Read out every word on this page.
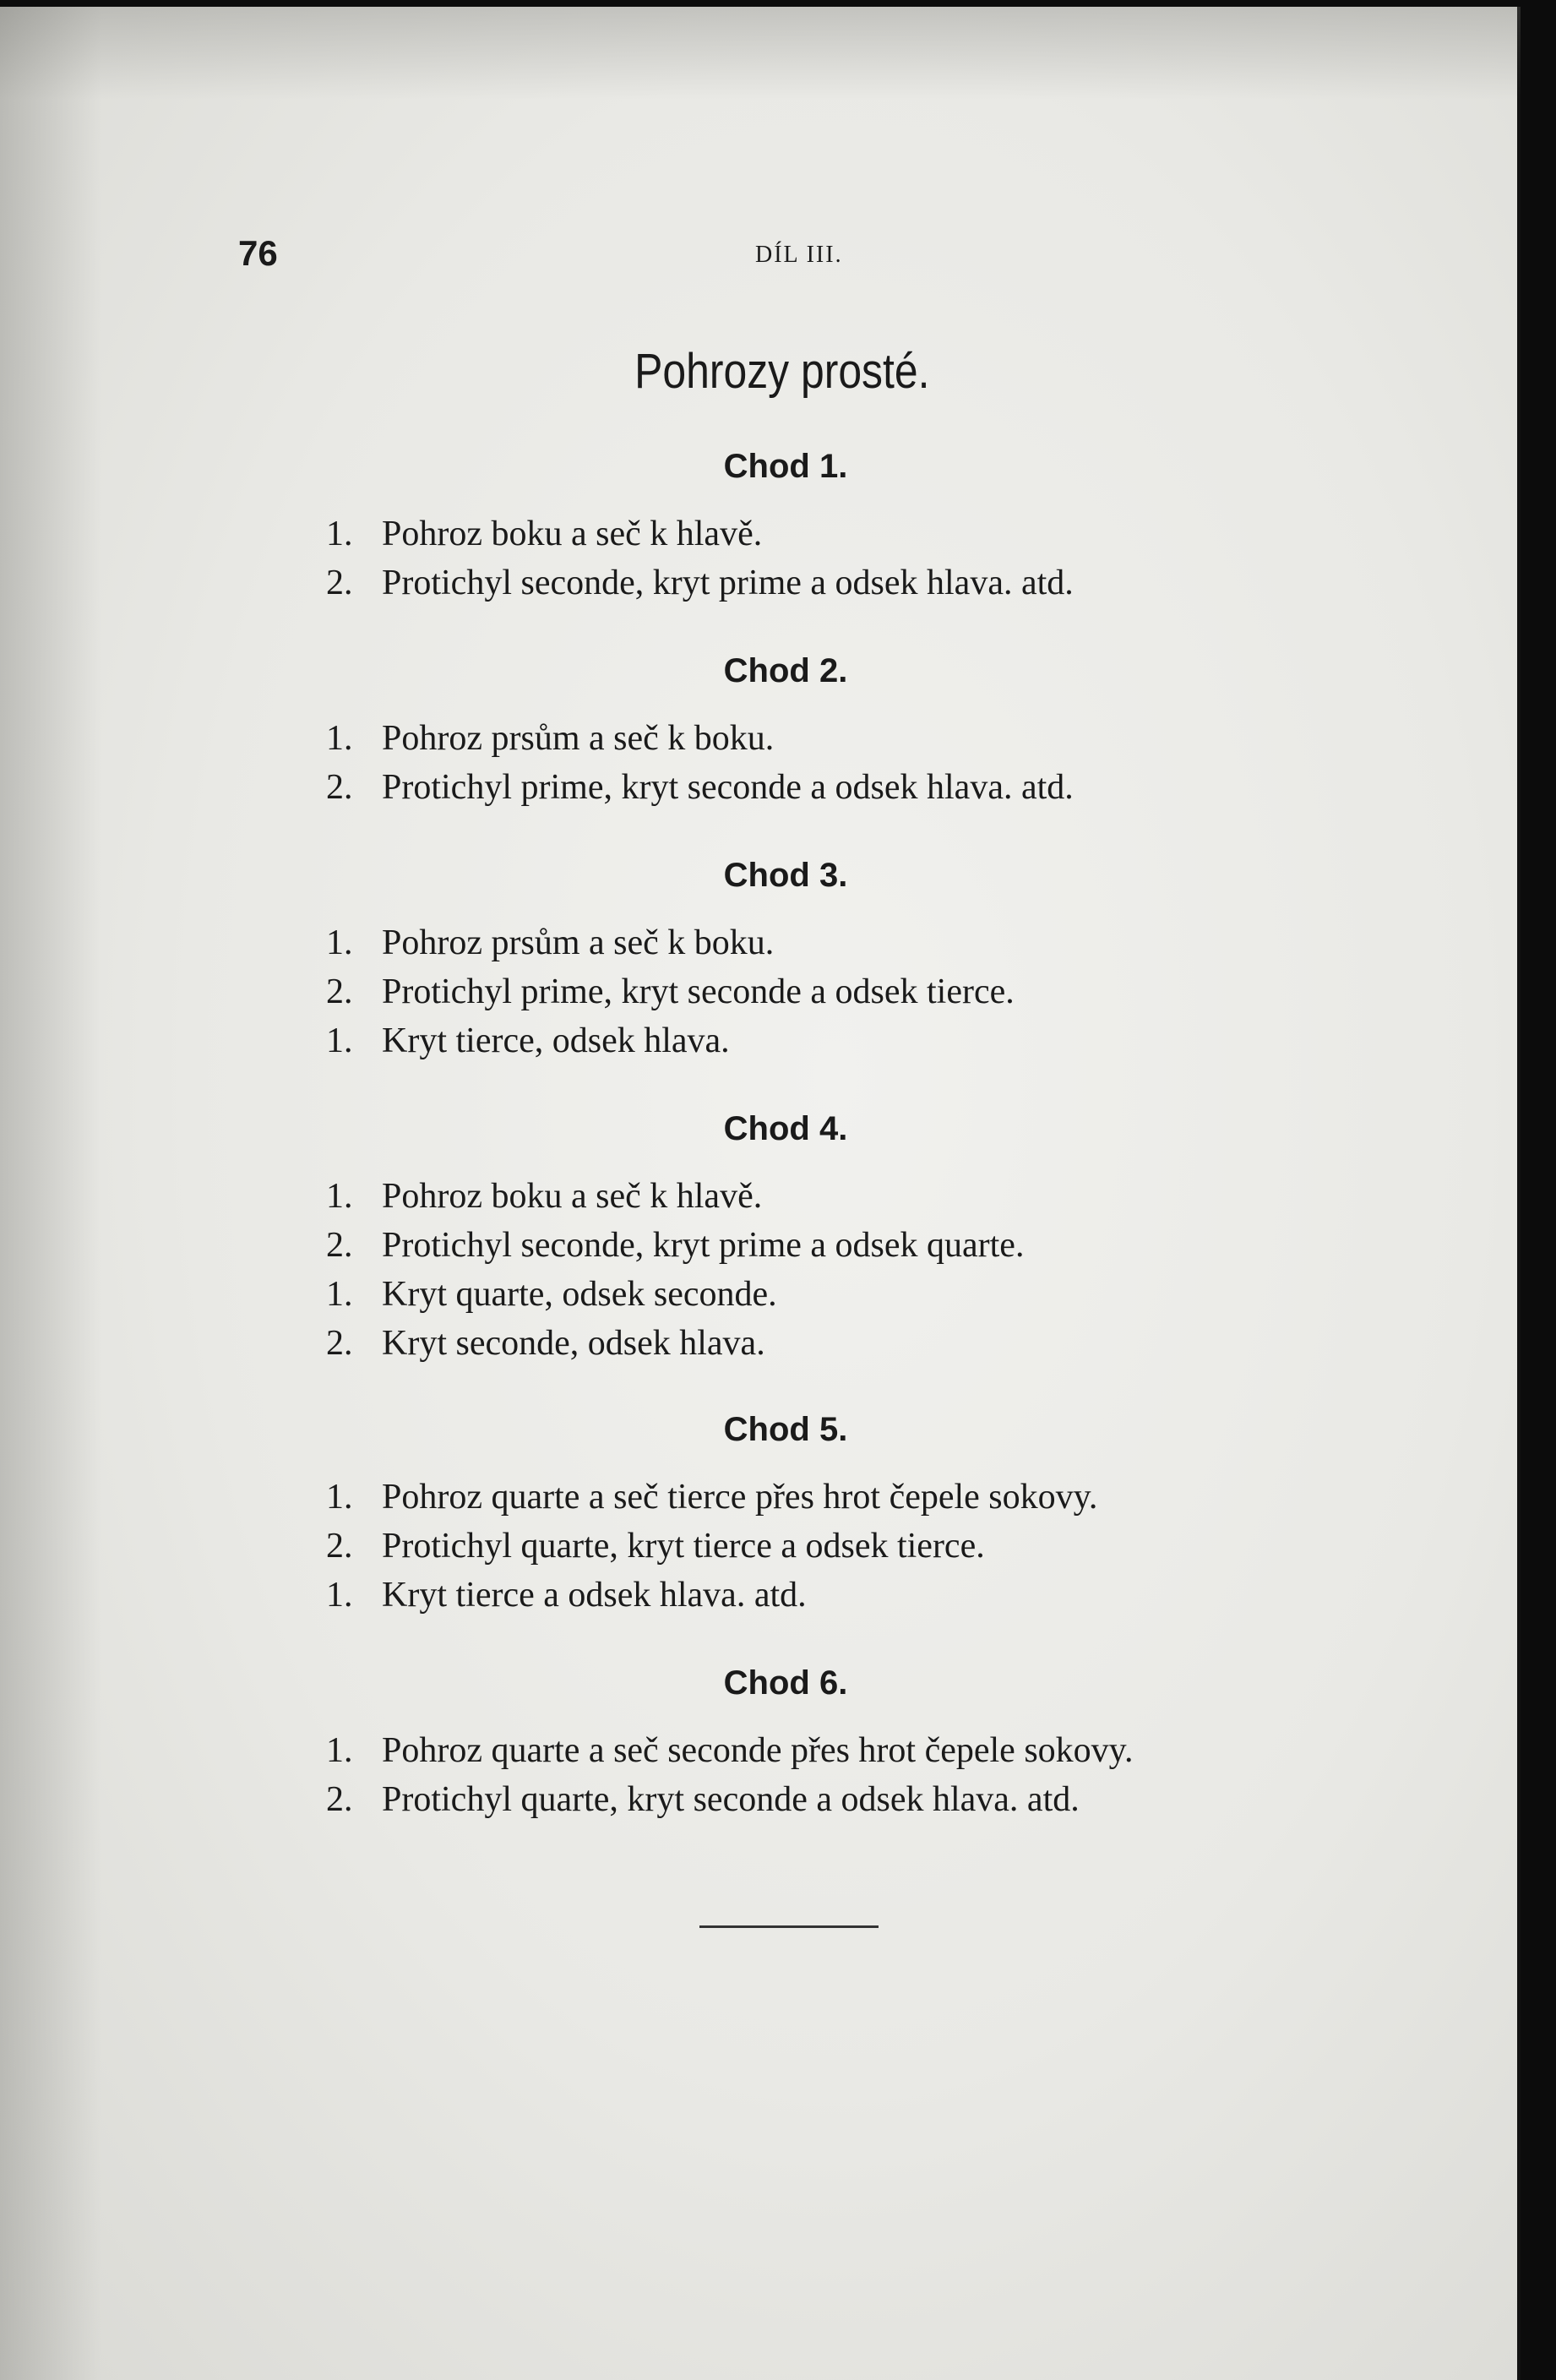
76	DÍL III.
Pohrozy prosté.
Chod 1.
1. Pohroz boku a seč k hlavě.
2. Protichyl seconde, kryt prime a odsek hlava. atd.
Chod 2.
1. Pohroz prsům a seč k boku.
2. Protichyl prime, kryt seconde a odsek hlava. atd.
Chod 3.
1. Pohroz prsům a seč k boku.
2. Protichyl prime, kryt seconde a odsek tierce.
1. Kryt tierce, odsek hlava.
Chod 4.
1. Pohroz boku a seč k hlavě.
2. Protichyl seconde, kryt prime a odsek quarte.
1. Kryt quarte, odsek seconde.
2. Kryt seconde, odsek hlava.
Chod 5.
1. Pohroz quarte a seč tierce přes hrot čepele sokovy.
2. Protichyl quarte, kryt tierce a odsek tierce.
1. Kryt tierce a odsek hlava. atd.
Chod 6.
1. Pohroz quarte a seč seconde přes hrot čepele sokovy.
2. Protichyl quarte, kryt seconde a odsek hlava. atd.
